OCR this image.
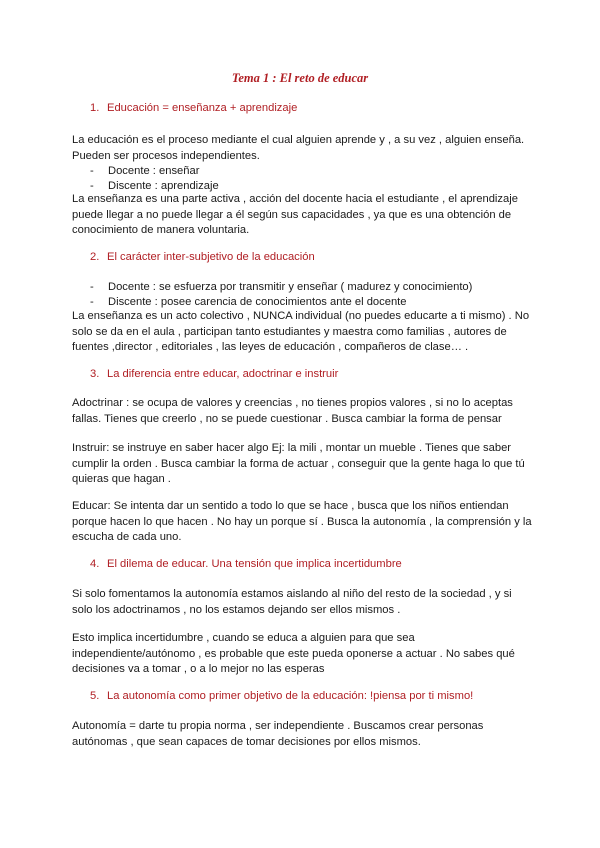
Tema 1 : El reto de educar
1. Educación = enseñanza + aprendizaje

La educación es el proceso mediante el cual alguien aprende y , a su vez , alguien enseña. Pueden ser procesos independientes.

- Docente : enseñar
- Discente : aprendizaje

La enseñanza es una parte activa , acción del docente hacia el estudiante , el aprendizaje puede llegar a no puede llegar a él según sus capacidades , ya que es una obtención de conocimiento de manera voluntaria.

2. El carácter inter-subjetivo de la educación
- Docente : se esfuerza por transmitir y enseñar ( madurez y conocimiento)
- Discente : posee carencia de conocimientos ante el docente

La enseñanza es un acto colectivo , NUNCA individual (no puedes educarte a ti mismo) . No solo se da en el aula , participan tanto estudiantes y maestra como familias , autores de fuentes ,director , editoriales , las leyes de educación , compañeros de clase… .

3. La diferencia entre educar, adoctrinar e instruir

Adoctrinar : se ocupa de valores y creencias , no tienes propios valores , si no lo aceptas fallas. Tienes que creerlo , no se puede cuestionar . Busca cambiar la forma de pensar

Instruir: se instruye en saber hacer algo Ej: la mili , montar un mueble . Tienes que saber cumplir la orden . Busca cambiar la forma de actuar , conseguir que la gente haga lo que tú quieras que hagan .

Educar: Se intenta dar un sentido a todo lo que se hace , busca que los niños entiendan porque hacen lo que hacen . No hay un porque sí . Busca la autonomía , la comprensión y la escucha de cada uno.

4. El dilema de educar. Una tensión que implica incertidumbre

Si solo fomentamos la autonomía estamos aislando al niño del resto de la sociedad , y si solo los adoctrinamos , no los estamos dejando ser ellos mismos .

Esto implica incertidumbre , cuando se educa a alguien para que sea independiente/autónomo , es probable que este pueda oponerse a actuar . No sabes qué decisiones va a tomar , o a lo mejor no las esperas

5. La autonomía como primer objetivo de la educación: !piensa por ti mismo!

Autonomía = darte tu propia norma , ser independiente . Buscamos crear personas autónomas , que sean capaces de tomar decisiones por ellos mismos.
